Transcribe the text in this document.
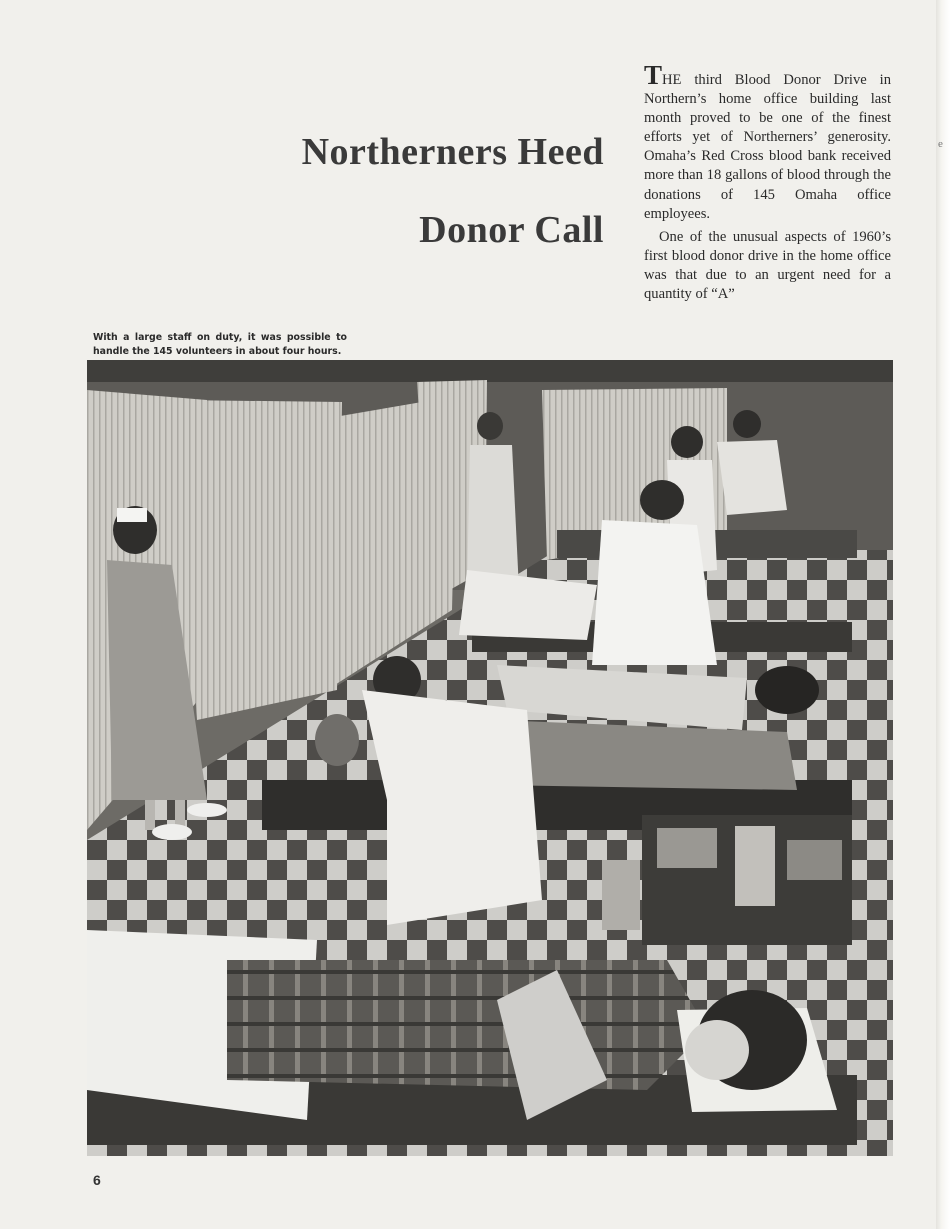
Northerners Heed
Donor Call

THE third Blood Donor Drive in Northern’s home office building last month proved to be one of the finest efforts yet of Northerners’ generosity. Omaha’s Red Cross blood bank received more than 18 gallons of blood through the donations of 145 Omaha office employees.

One of the unusual aspects of 1960’s first blood donor drive in the home office was that due to an urgent need for a quantity of “A”

With a large staff on duty, it was possible to handle the 145 volunteers in about four hours.
6
e
